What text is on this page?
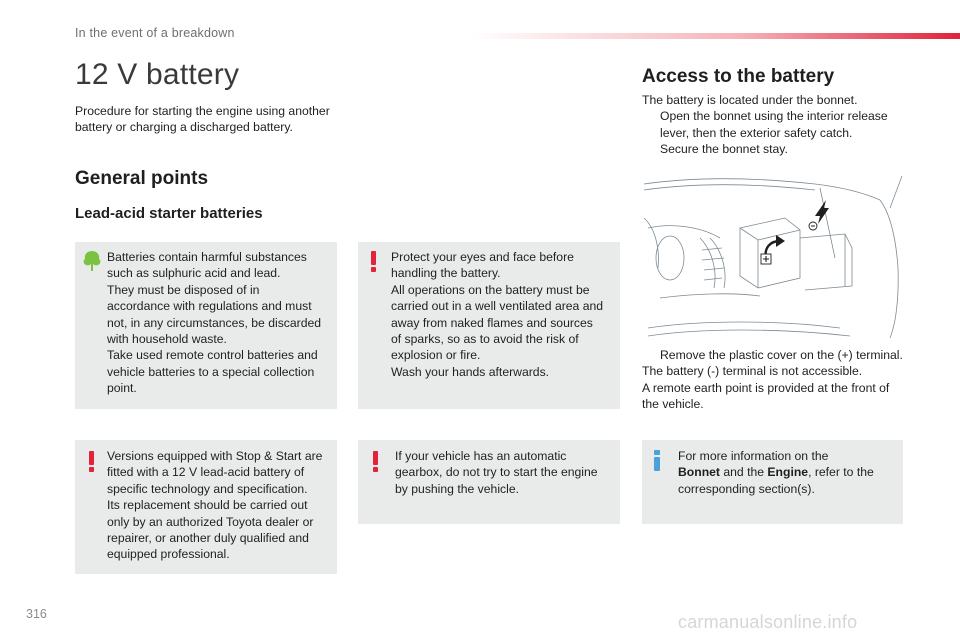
In the event of a breakdown
12 V battery
Procedure for starting the engine using another battery or charging a discharged battery.
General points
Lead-acid starter batteries
Batteries contain harmful substances
such as sulphuric acid and lead.
They must be disposed of in
accordance with regulations and must
not, in any circumstances, be discarded
with household waste.
Take used remote control batteries and
vehicle batteries to a special collection
point.
Protect your eyes and face before
handling the battery.
All operations on the battery must be
carried out in a well ventilated area and
away from naked flames and sources
of sparks, so as to avoid the risk of
explosion or fire.
Wash your hands afterwards.
Versions equipped with Stop & Start are
fitted with a 12 V lead-acid battery of
specific technology and specification.
Its replacement should be carried out
only by an authorized Toyota dealer or
repairer, or another duly qualified and
equipped professional.
If your vehicle has an automatic
gearbox, do not try to start the engine
by pushing the vehicle.
Access to the battery
The battery is located under the bonnet.
Open the bonnet using the interior release
lever, then the exterior safety catch.
Secure the bonnet stay.
Remove the plastic cover on the (+) terminal.
The battery (-) terminal is not accessible.
A remote earth point is provided at the front of
the vehicle.
For more information on the
Bonnet and the Engine, refer to the
corresponding section(s).
316	carmanualsonline.info
